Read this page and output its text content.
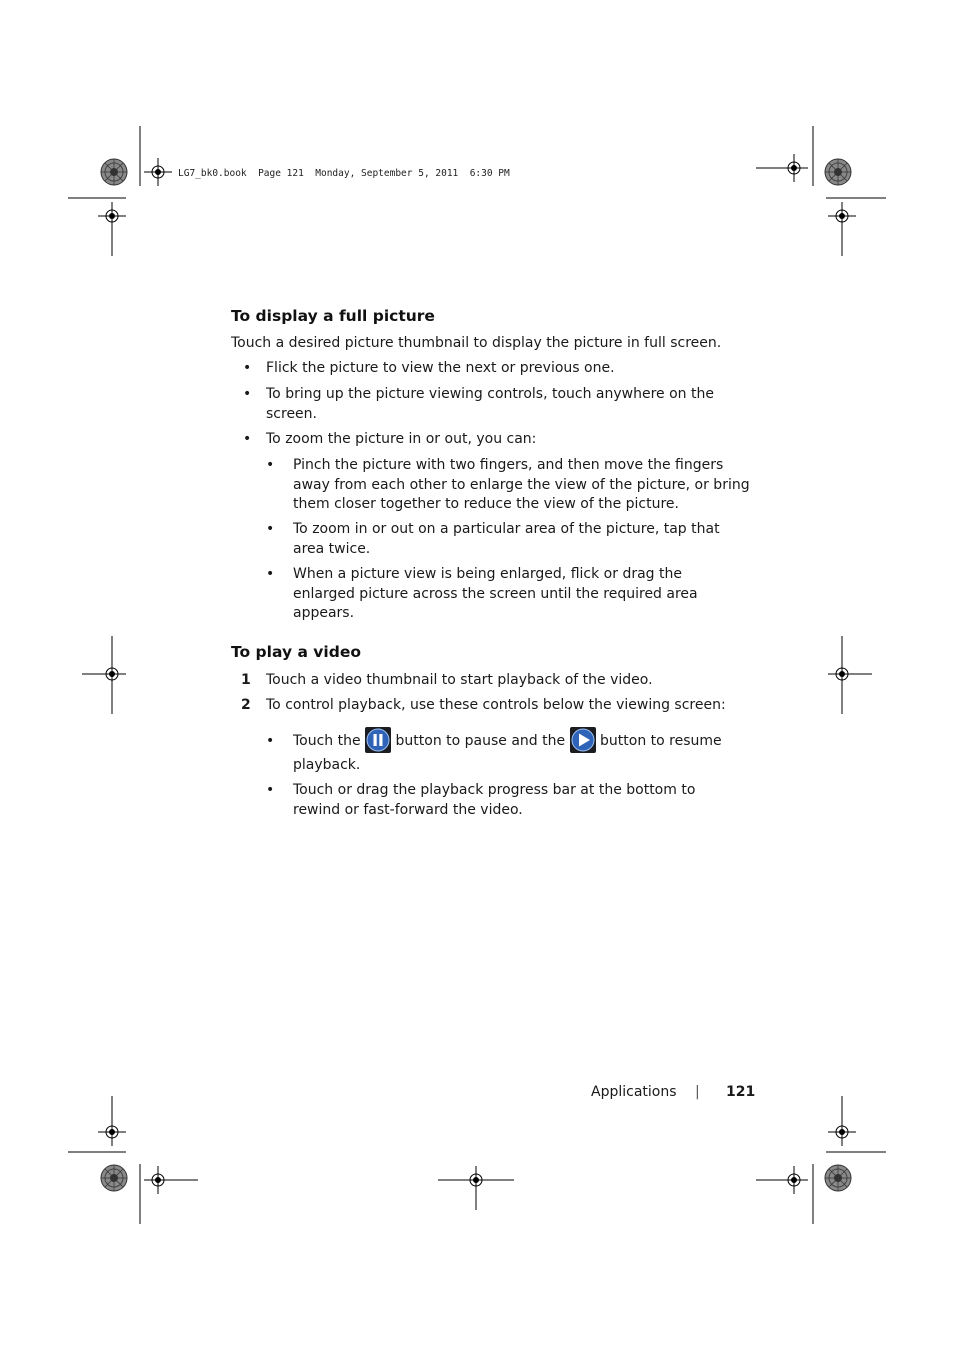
LG7_bk0.book  Page 121  Monday, September 5, 2011  6:30 PM
To display a full picture
Touch a desired picture thumbnail to display the picture in full screen.
• Flick the picture to view the next or previous one.
• To bring up the picture viewing controls, touch anywhere on the screen.
• To zoom the picture in or out, you can:
• Pinch the picture with two fingers, and then move the fingers away from each other to enlarge the view of the picture, or bring them closer together to reduce the view of the picture.
• To zoom in or out on a particular area of the picture, tap that area twice.
• When a picture view is being enlarged, flick or drag the enlarged picture across the screen until the required area appears.
To play a video
1 Touch a video thumbnail to start playback of the video.
2 To control playback, use these controls below the viewing screen:
• Touch the button to pause and the button to resume
playback.
• Touch or drag the playback progress bar at the bottom to rewind or fast-forward the video.
Applications | 121
